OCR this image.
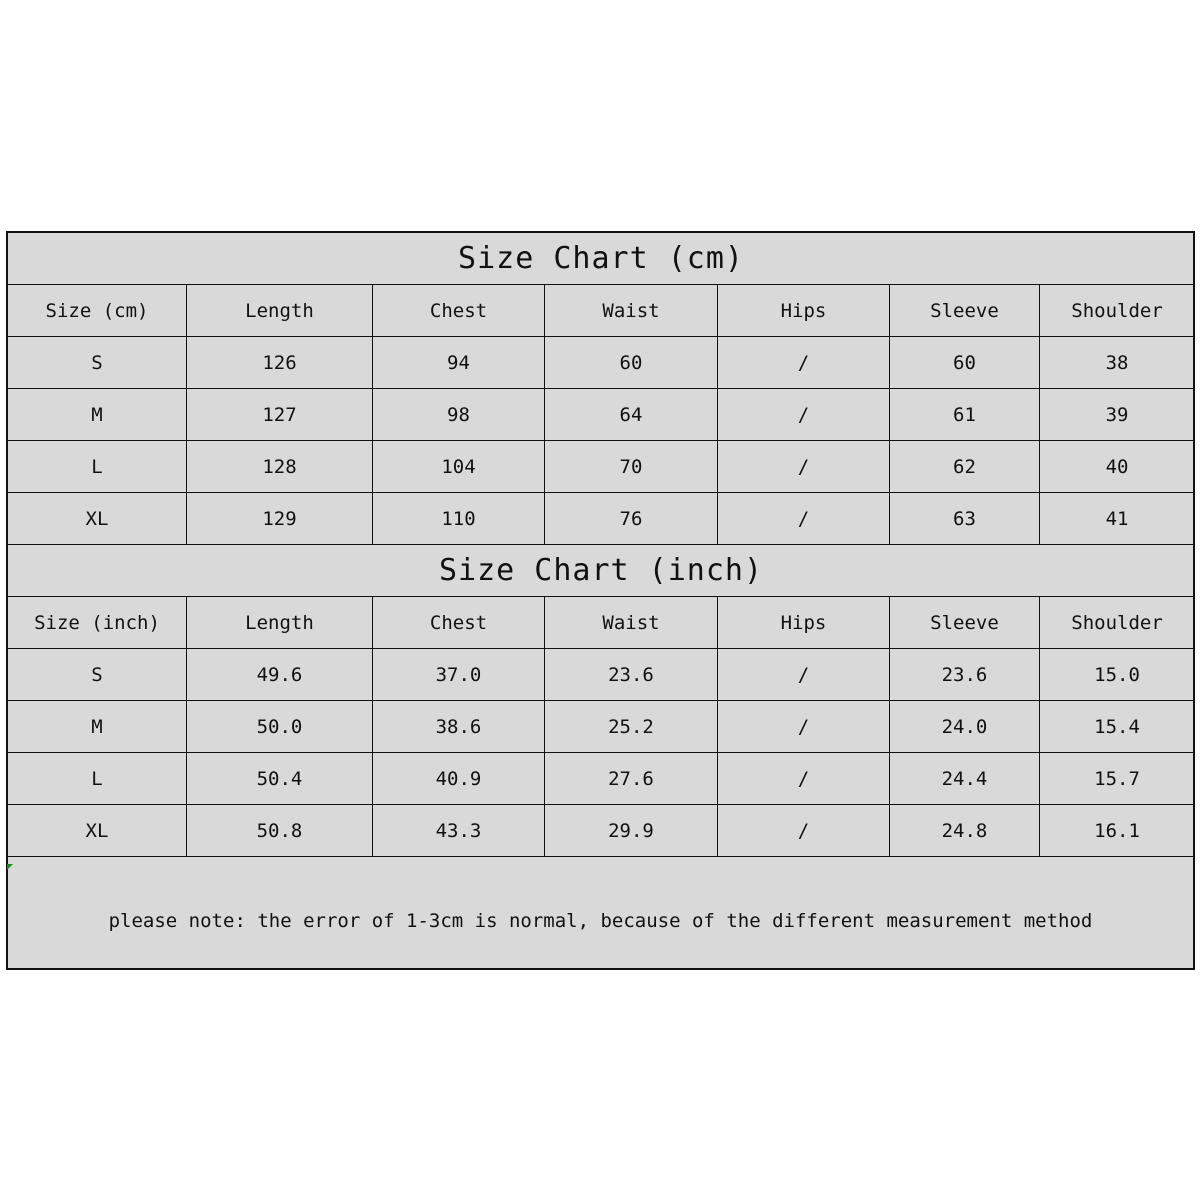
Size Chart (cm)						
Size (cm)	Length	Chest	Waist	Hips	Sleeve	Shoulder
S	126	94	60	/	60	38
M	127	98	64	/	61	39
L	128	104	70	/	62	40
XL	129	110	76	/	63	41
Size Chart (inch)						
Size (inch)	Length	Chest	Waist	Hips	Sleeve	Shoulder
S	49.6	37.0	23.6	/	23.6	15.0
M	50.0	38.6	25.2	/	24.0	15.4
L	50.4	40.9	27.6	/	24.4	15.7
XL	50.8	43.3	29.9	/	24.8	16.1
please note: the error of 1-3cm is normal, because of the different measurement method
